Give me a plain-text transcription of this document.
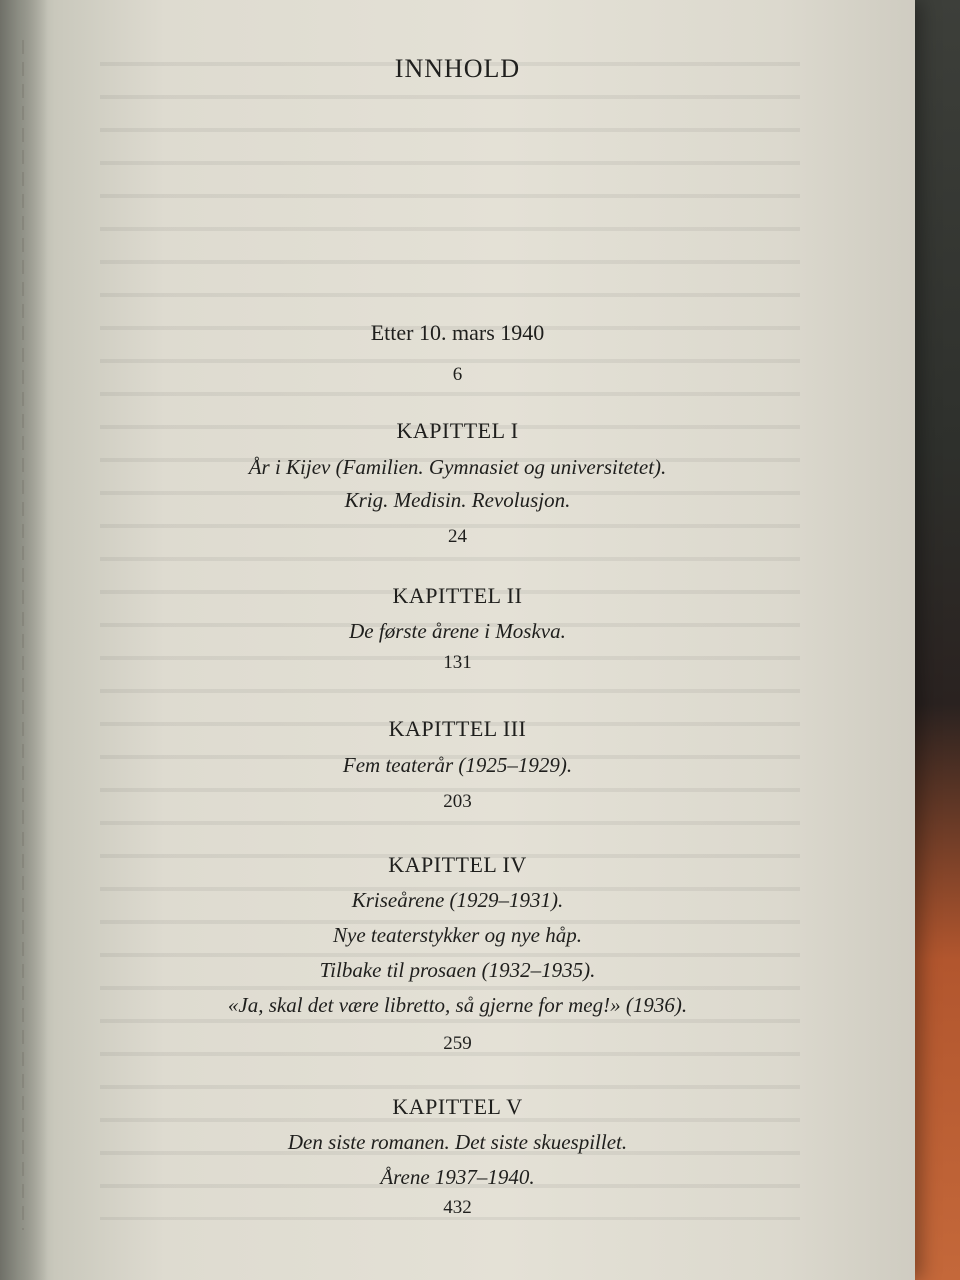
INNHOLD
Etter 10. mars 1940
6
KAPITTEL I
År i Kijev (Familien. Gymnasiet og universitetet).
Krig. Medisin. Revolusjon.
24
KAPITTEL II
De første årene i Moskva.
131
KAPITTEL III
Fem teaterår (1925–1929).
203
KAPITTEL IV
Kriseårene (1929–1931).
Nye teaterstykker og nye håp.
Tilbake til prosaen (1932–1935).
«Ja, skal det være libretto, så gjerne for meg!» (1936).
259
KAPITTEL V
Den siste romanen. Det siste skuespillet.
Årene 1937–1940.
432
